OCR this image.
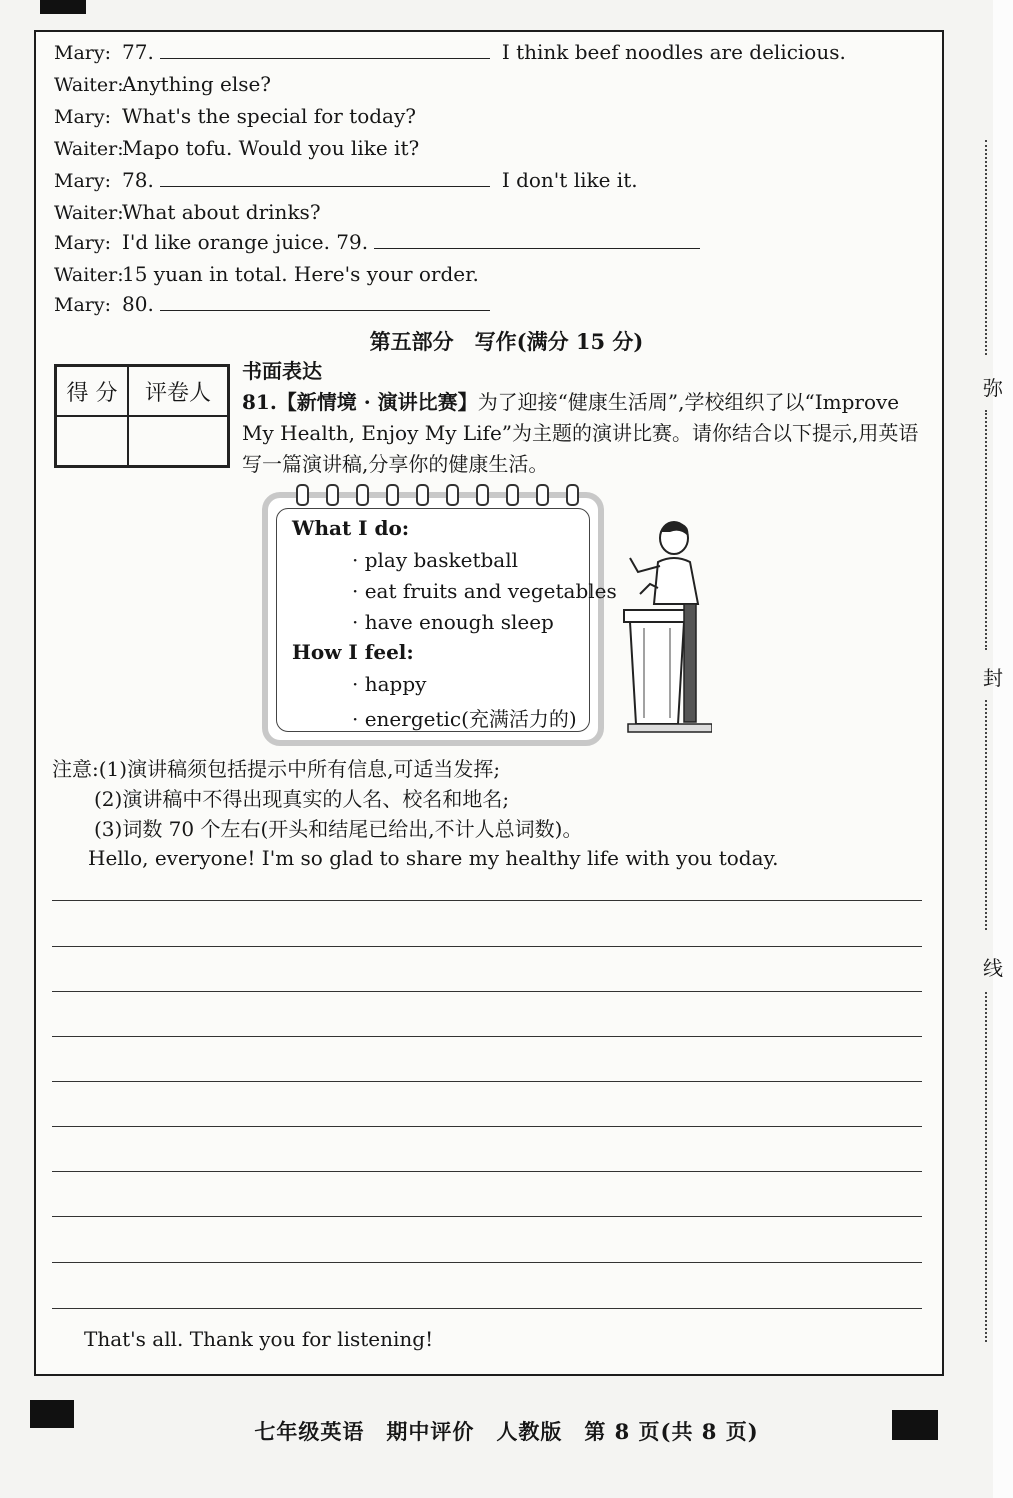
Mary: 77.	I think beef noodles are delicious.
Waiter:
Anything else?
Mary: What's the special for today?
Waiter:
Mapo tofu. Would you like it?
Mary: 78.	I don't like it.
Waiter:
What about drinks?
Mary: I'd like orange juice. 79.
Waiter:
15 yuan in total. Here's your order.
Mary: 80.
第五部分　写作(满分 15 分)
得 分	评卷人
书面表达
81.【新情境 · 演讲比赛】为了迎接“健康生活周”,学校组织了以“Improve My Health, Enjoy My Life”为主题的演讲比赛。请你结合以下提示,用英语写一篇演讲稿,分享你的健康生活。
What I do:
· play basketball
· eat fruits and vegetables
· have enough sleep
How I feel:
· happy
· energetic(充满活力的)
注意:(1)演讲稿须包括提示中所有信息,可适当发挥;
(2)演讲稿中不得出现真实的人名、校名和地名;
(3)词数 70 个左右(开头和结尾已给出,不计人总词数)。
Hello, everyone! I'm so glad to share my healthy life with you today.
That's all. Thank you for listening!
七年级英语　期中评价　人教版　第 8 页(共 8 页)
弥
封
线
